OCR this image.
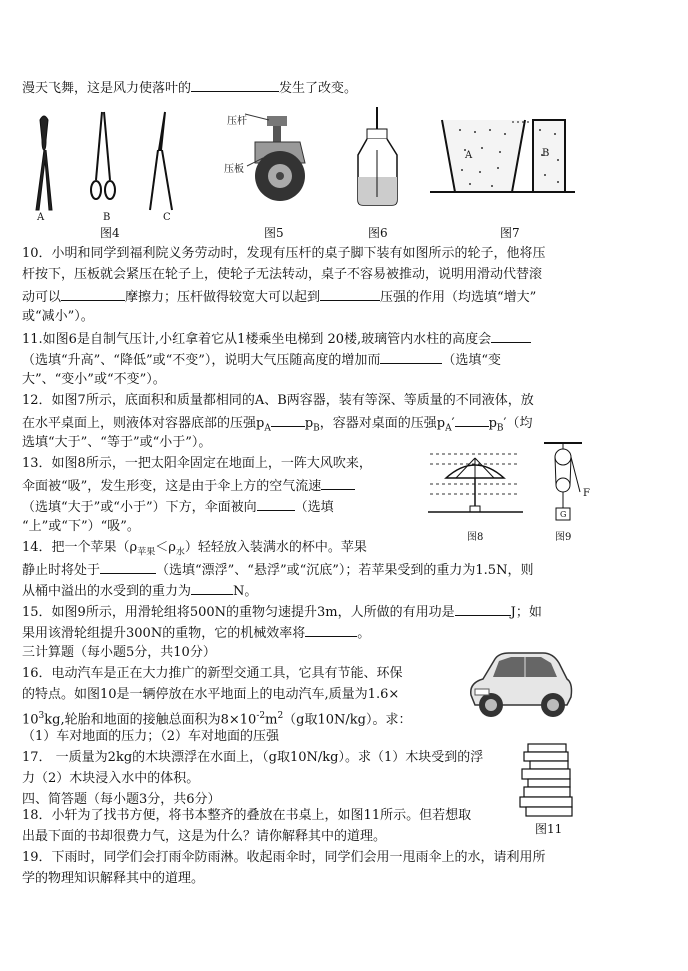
漫天飞舞，这是风力使落叶的	发生了改变。
A	B	C
图4
压杆
压板
图5	图6
A	B
图7
10．小明和同学到福利院义务劳动时，发现有压杆的桌子脚下装有如图所示的轮子，他将压
杆按下，压板就会紧压在轮子上，使轮子无法转动，桌子不容易被推动，说明用滑动代替滚
动可以	摩擦力；压杆做得较宽大可以起到	压强的作用（均选填“增大”
或“减小”）。
11.如图6是自制气压计,小红拿着它从1楼乘坐电梯到 20楼,玻璃管内水柱的高度会
（选填“升高”、“降低”或“不变”），说明大气压随高度的增加而	（选填“变
大”、“变小”或“不变”）。
12．如图7所示，底面积和质量都相同的A、B两容器，装有等深、等质量的不同液体，放
在水平桌面上，则液体对容器底部的压强$p_A$	$p_B$，容器对桌面的压强$p_A'$	$p_B'$（均
选填“大于”、“等于”或“小于”）。
13．如图8所示，一把太阳伞固定在地面上，一阵大风吹来，
伞面被“吸”，发生形变，这是由于伞上方的空气流速
（选填“大于”或“小于”）下方，伞面被向	（选填
“上”或“下”）“吸”。
图8
F
G
图9
14．把一个苹果$(\rho_{苹果}<\rho_水)$轻轻放入装满水的杯中。苹果
静止时将处于	（选填“漂浮”、“悬浮”或“沉底”）；若苹果受到的重力为1.5N，则
从桶中溢出的水受到的重力为	N。
15．如图9所示，用滑轮组将500N的重物匀速提升3m，人所做的有用功是	J；如
果用该滑轮组提升300N的重物，它的机械效率将	。
三计算题（每小题5分，共10分）
16．电动汽车是正在大力推广的新型交通工具，它具有节能、环保
的特点。如图10是一辆停放在水平地面上的电动汽车,质量为1.6×
$10^3kg$,轮胎和地面的接触总面积为$8\times 10^{-2}m^2(g$取10N/kg）。求：
（1）车对地面的压力；（2）车对地面的压强
17． 一质量为2kg的木块漂浮在水面上，（g取10N/kg）。求（1）木块受到的浮
力（2）木块浸入水中的体积。
四、简答题（每小题3分，共6分）
图11
18．小轩为了找书方便，将书本整齐的叠放在书桌上，如图11所示。但若想取
出最下面的书却很费力气，这是为什么？请你解释其中的道理。
19．下雨时，同学们会打雨伞防雨淋。收起雨伞时，同学们会用一甩雨伞上的水，请利用所
学的物理知识解释其中的道理。
